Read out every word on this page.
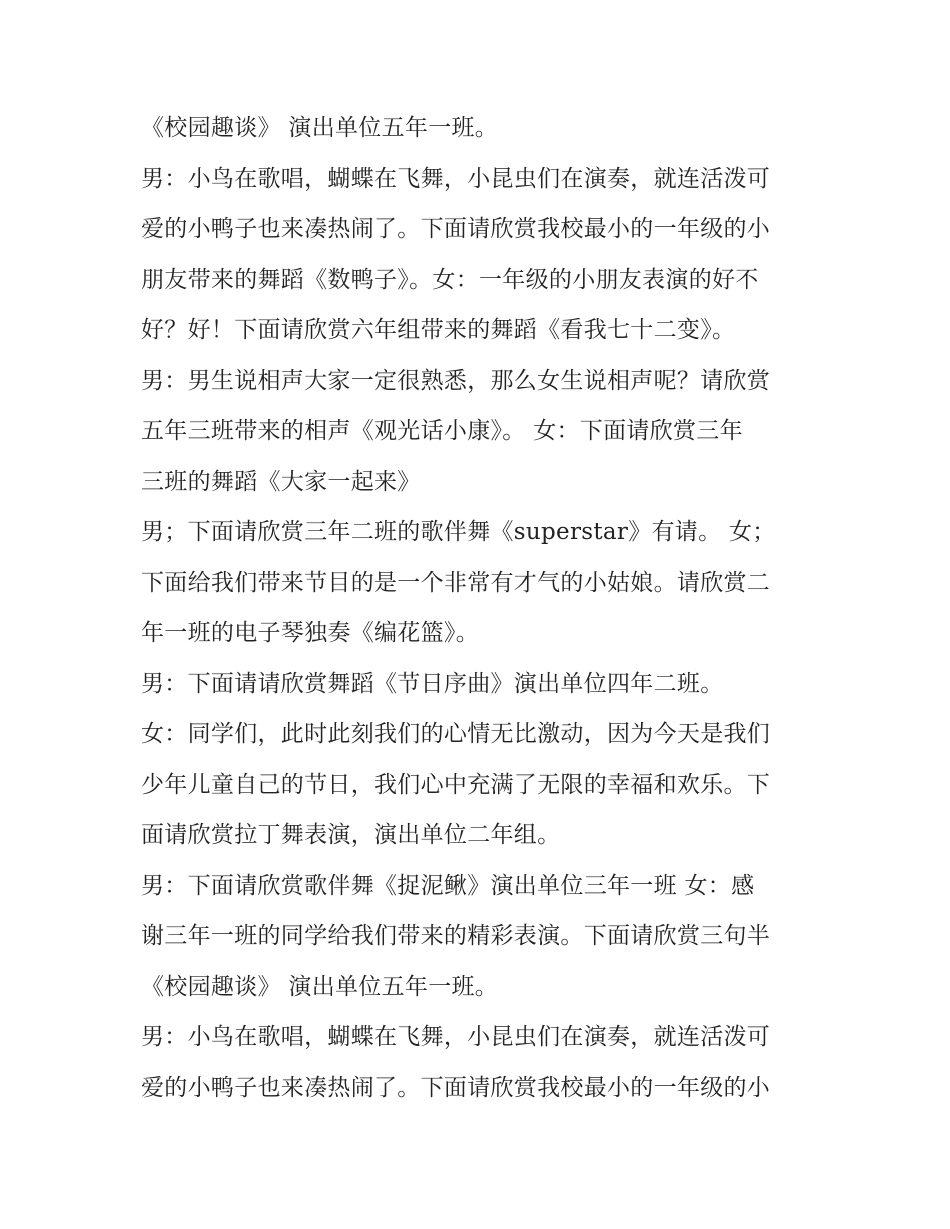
《校园趣谈》 演出单位五年一班。
男：小鸟在歌唱，蝴蝶在飞舞，小昆虫们在演奏，就连活泼可
爱的小鸭子也来凑热闹了。下面请欣赏我校最小的一年级的小
朋友带来的舞蹈《数鸭子》。女：一年级的小朋友表演的好不
好？好！下面请欣赏六年组带来的舞蹈《看我七十二变》。
男：男生说相声大家一定很熟悉，那么女生说相声呢？请欣赏
五年三班带来的相声《观光话小康》。 女：下面请欣赏三年
三班的舞蹈《大家一起来》
男；下面请欣赏三年二班的歌伴舞《superstar》有请。 女；
下面给我们带来节目的是一个非常有才气的小姑娘。请欣赏二
年一班的电子琴独奏《编花篮》。
男：下面请请欣赏舞蹈《节日序曲》演出单位四年二班。
女：同学们，此时此刻我们的心情无比激动，因为今天是我们
少年儿童自己的节日，我们心中充满了无限的幸福和欢乐。下
面请欣赏拉丁舞表演，演出单位二年组。
男：下面请欣赏歌伴舞《捉泥鳅》演出单位三年一班 女：感
谢三年一班的同学给我们带来的精彩表演。下面请欣赏三句半
《校园趣谈》 演出单位五年一班。
男：小鸟在歌唱，蝴蝶在飞舞，小昆虫们在演奏，就连活泼可
爱的小鸭子也来凑热闹了。下面请欣赏我校最小的一年级的小
